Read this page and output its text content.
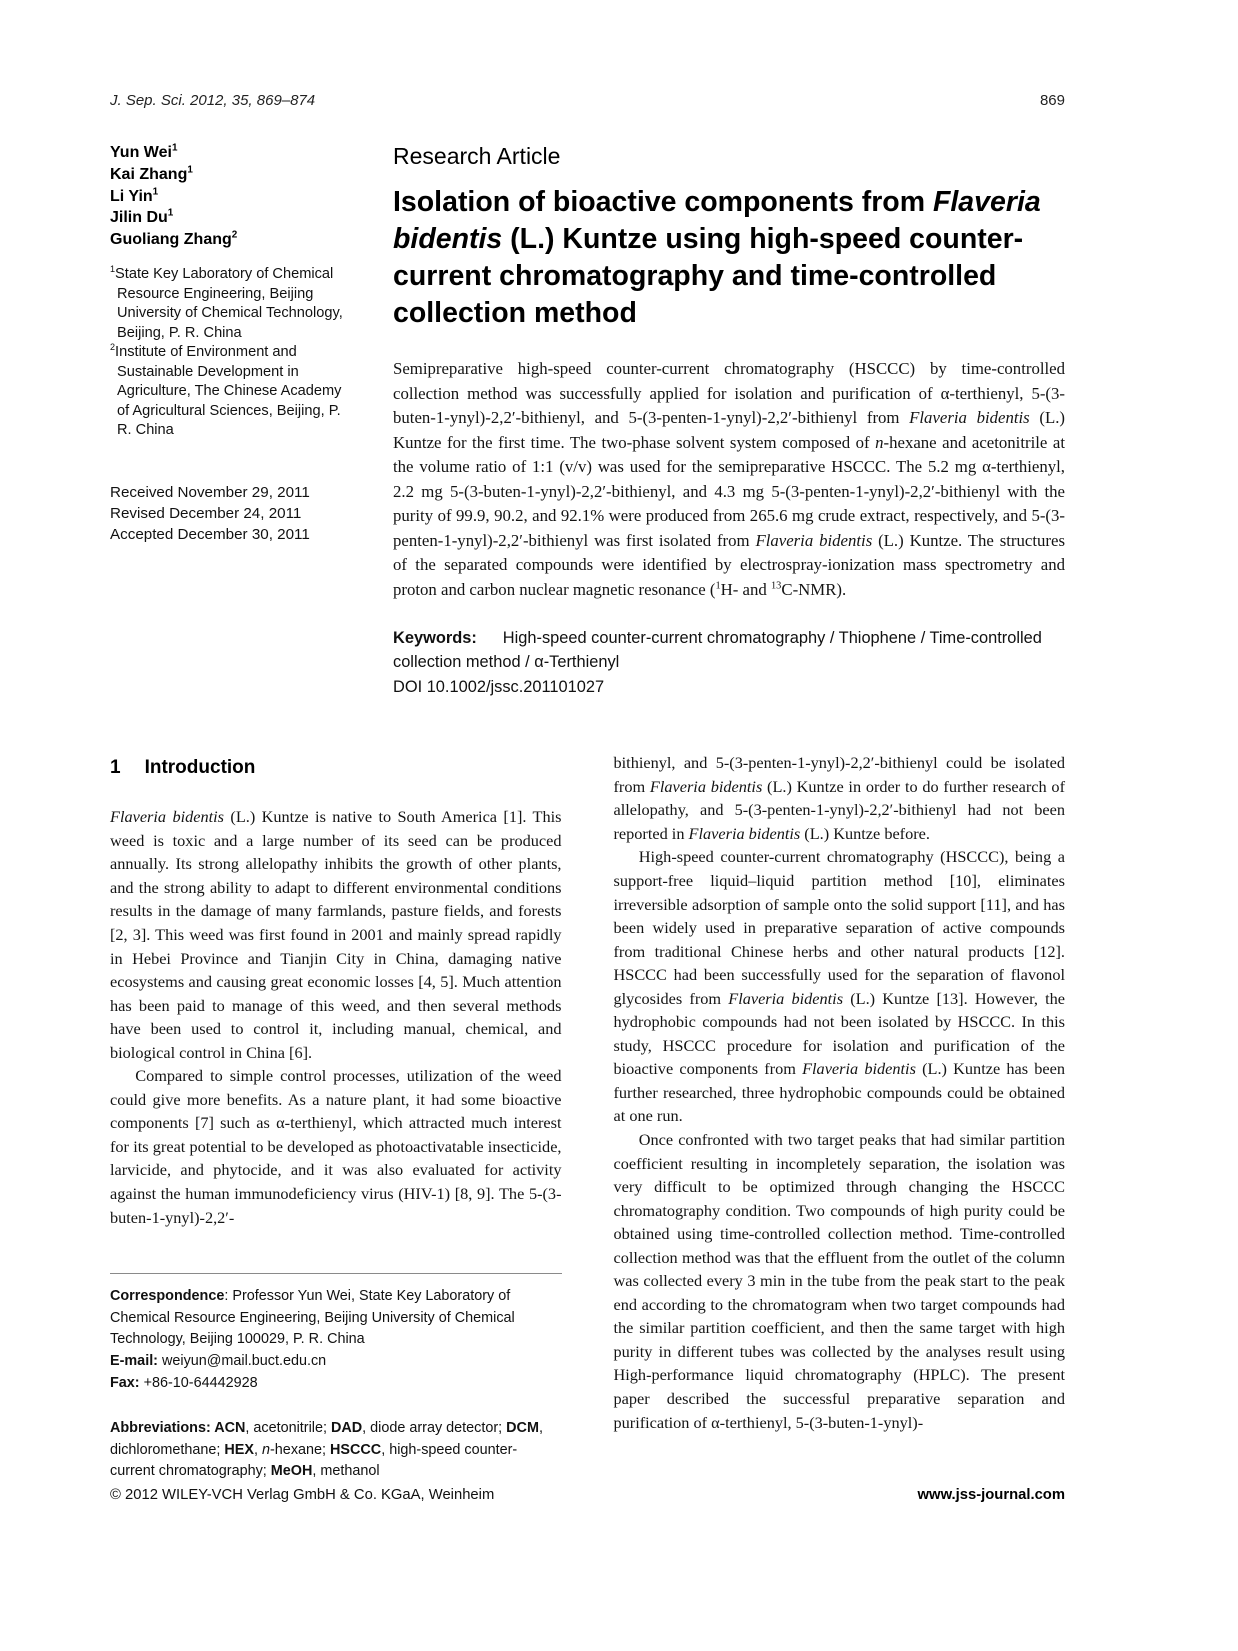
J. Sep. Sci. 2012, 35, 869–874	869
Yun Wei$^1$
Kai Zhang$^1$
Li Yin$^1$
Jilin Du$^1$
Guoliang Zhang$^2$
$^1$State Key Laboratory of Chemical Resource Engineering, Beijing University of Chemical Technology, Beijing, P. R. China
$^2$Institute of Environment and Sustainable Development in Agriculture, The Chinese Academy of Agricultural Sciences, Beijing, P. R. China
Received November 29, 2011
Revised December 24, 2011
Accepted December 30, 2011
Research Article
Isolation of bioactive components from Flaveria bidentis (L.) Kuntze using high-speed counter-current chromatography and time-controlled collection method

Semipreparative high-speed counter-current chromatography (HSCCC) by time-controlled collection method was successfully applied for isolation and purification of α-terthienyl, 5-(3-buten-1-ynyl)-2,2′-bithienyl, and 5-(3-penten-1-ynyl)-2,2′-bithienyl from Flaveria bidentis (L.) Kuntze for the first time. The two-phase solvent system composed of n-hexane and acetonitrile at the volume ratio of 1:1 (v/v) was used for the semipreparative HSCCC. The 5.2 mg α-terthienyl, 2.2 mg 5-(3-buten-1-ynyl)-2,2′-bithienyl, and 4.3 mg 5-(3-penten-1-ynyl)-2,2′-bithienyl with the purity of 99.9, 90.2, and 92.1% were produced from 265.6 mg crude extract, respectively, and 5-(3-penten-1-ynyl)-2,2′-bithienyl was first isolated from Flaveria bidentis (L.) Kuntze. The structures of the separated compounds were identified by electrospray-ionization mass spectrometry and proton and carbon nuclear magnetic resonance ($^1$H- and $^{13}$C-NMR).

Keywords: High-speed counter-current chromatography / Thiophene / Time-controlled collection method / α-Terthienyl
DOI 10.1002/jssc.201101027
1 Introduction

Flaveria bidentis (L.) Kuntze is native to South America [1]. This weed is toxic and a large number of its seed can be produced annually. Its strong allelopathy inhibits the growth of other plants, and the strong ability to adapt to different environmental conditions results in the damage of many farmlands, pasture fields, and forests [2, 3]. This weed was first found in 2001 and mainly spread rapidly in Hebei Province and Tianjin City in China, damaging native ecosystems and causing great economic losses [4, 5]. Much attention has been paid to manage of this weed, and then several methods have been used to control it, including manual, chemical, and biological control in China [6].

Compared to simple control processes, utilization of the weed could give more benefits. As a nature plant, it had some bioactive components [7] such as α-terthienyl, which attracted much interest for its great potential to be developed as photoactivatable insecticide, larvicide, and phytocide, and it was also evaluated for activity against the human immunodeficiency virus (HIV-1) [8, 9]. The 5-(3-buten-1-ynyl)-2,2′-

Correspondence: Professor Yun Wei, State Key Laboratory of Chemical Resource Engineering, Beijing University of Chemical Technology, Beijing 100029, P. R. China
E-mail: weiyun@mail.buct.edu.cn
Fax: +86-10-64442928
Abbreviations: ACN, acetonitrile; DAD, diode array detector; DCM, dichloromethane; HEX, n-hexane; HSCCC, high-speed counter-current chromatography; MeOH, methanol

bithienyl, and 5-(3-penten-1-ynyl)-2,2′-bithienyl could be isolated from Flaveria bidentis (L.) Kuntze in order to do further research of allelopathy, and 5-(3-penten-1-ynyl)-2,2′-bithienyl had not been reported in Flaveria bidentis (L.) Kuntze before.

High-speed counter-current chromatography (HSCCC), being a support-free liquid–liquid partition method [10], eliminates irreversible adsorption of sample onto the solid support [11], and has been widely used in preparative separation of active compounds from traditional Chinese herbs and other natural products [12]. HSCCC had been successfully used for the separation of flavonol glycosides from Flaveria bidentis (L.) Kuntze [13]. However, the hydrophobic compounds had not been isolated by HSCCC. In this study, HSCCC procedure for isolation and purification of the bioactive components from Flaveria bidentis (L.) Kuntze has been further researched, three hydrophobic compounds could be obtained at one run.

Once confronted with two target peaks that had similar partition coefficient resulting in incompletely separation, the isolation was very difficult to be optimized through changing the HSCCC chromatography condition. Two compounds of high purity could be obtained using time-controlled collection method. Time-controlled collection method was that the effluent from the outlet of the column was collected every 3 min in the tube from the peak start to the peak end according to the chromatogram when two target compounds had the similar partition coefficient, and then the same target with high purity in different tubes was collected by the analyses result using High-performance liquid chromatography (HPLC). The present paper described the successful preparative separation and purification of α-terthienyl, 5-(3-buten-1-ynyl)-

© 2012 WILEY-VCH Verlag GmbH & Co. KGaA, Weinheim	www.jss-journal.com
